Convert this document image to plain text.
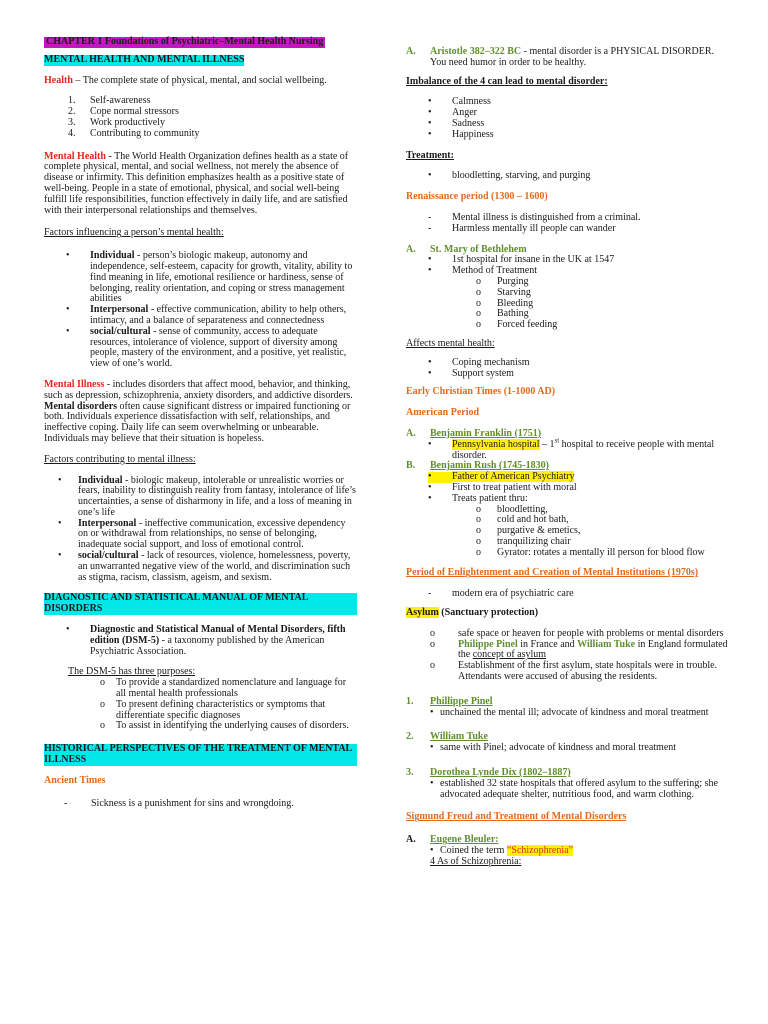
CHAPTER 1 Foundations of Psychiatric–Mental Health Nursing

MENTAL HEALTH AND MENTAL ILLNESS

Health – The complete state of physical, mental, and social wellbeing.

1.	Self-awareness
2.	Cope normal stressors
3.	Work productively
4.	Contributing to community

Mental Health - The World Health Organization defines health as a state of complete physical, mental, and social wellness, not merely the absence of disease or infirmity. This definition emphasizes health as a positive state of well-being. People in a state of emotional, physical, and social well-being fulfill life responsibilities, function effectively in daily life, and are satisfied with their interpersonal relationships and themselves.

Factors influencing a person’s mental health:

•	Individual - person’s biologic makeup, autonomy and independence, self-esteem, capacity for growth, vitality, ability to find meaning in life, emotional resilience or hardiness, sense of belonging, reality orientation, and coping or stress management abilities
•	Interpersonal - effective communication, ability to help others, intimacy, and a balance of separateness and connectedness
•	social/cultural - sense of community, access to adequate resources, intolerance of violence, support of diversity among people, mastery of the environment, and a positive, yet realistic, view of one’s world.

Mental Illness - includes disorders that affect mood, behavior, and thinking, such as depression, schizophrenia, anxiety disorders, and addictive disorders. Mental disorders often cause significant distress or impaired functioning or both. Individuals experience dissatisfaction with self, relationships, and ineffective coping. Daily life can seem overwhelming or unbearable. Individuals may believe that their situation is hopeless.

Factors contributing to mental illness:

•	Individual - biologic makeup, intolerable or unrealistic worries or fears, inability to distinguish reality from fantasy, intolerance of life’s uncertainties, a sense of disharmony in life, and a loss of meaning in one’s life
•	Interpersonal - ineffective communication, excessive dependency on or withdrawal from relationships, no sense of belonging, inadequate social support, and loss of emotional control.
•	social/cultural - lack of resources, violence, homelessness, poverty, an unwarranted negative view of the world, and discrimination such as stigma, racism, classism, ageism, and sexism.

DIAGNOSTIC AND STATISTICAL MANUAL OF MENTAL DISORDERS

•	Diagnostic and Statistical Manual of Mental Disorders, fifth edition (DSM-5) - a taxonomy published by the American Psychiatric Association.

The DSM-5 has three purposes:

o	To provide a standardized nomenclature and language for all mental health professionals
o	To present defining characteristics or symptoms that differentiate specific diagnoses
o	To assist in identifying the underlying causes of disorders.

HISTORICAL PERSPECTIVES OF THE TREATMENT OF MENTAL ILLNESS

Ancient Times

-	Sickness is a punishment for sins and wrongdoing.
A.	Aristotle 382–322 BC - mental disorder is a PHYSICAL DISORDER. You need humor in order to be healthy.

Imbalance of the 4 can lead to mental disorder:

•	Calmness
•	Anger
•	Sadness
•	Happiness

Treatment:

•	bloodletting, starving, and purging

Renaissance period (1300 – 1600)

-	Mental illness is distinguished from a criminal.
-	Harmless mentally ill people can wander
A.	St. Mary of Bethlehem
•	1st hospital for insane in the UK at 1547
•	Method of Treatment
o	Purging
o	Starving
o	Bleeding
o	Bathing
o	Forced feeding

Affects mental health:

•	Coping mechanism
•	Support system

Early Christian Times (1-1000 AD)

American Period

A.	Benjamin Franklin (1751)
•	Pennsylvania hospital – 1st hospital to receive people with mental disorder.
B.	Benjamin Rush (1745-1830)
•	Father of American Psychiatry
•	First to treat patient with moral
•	Treats patient thru:
o	bloodletting,
o	cold and hot bath,
o	purgative & emetics,
o	tranquilizing chair
o	Gyrator: rotates a mentally ill person for blood flow

Period of Enlightenment and Creation of Mental Institutions (1970s)

-	modern era of psychiatric care

Asylum (Sanctuary protection)

o	safe space or heaven for people with problems or mental disorders
o	Philippe Pinel in France and William Tuke in England formulated the concept of asylum
o	Establishment of the first asylum, state hospitals were in trouble. Attendants were accused of abusing the residents.
1.	Phillippe Pinel
• unchained the mental ill; advocate of kindness and moral treatment
2.	William Tuke
• same with Pinel; advocate of kindness and moral treatment
3.	Dorothea Lynde Dix (1802–1887)
• established 32 state hospitals that offered asylum to the suffering; she advocated adequate shelter, nutritious food, and warm clothing.

Sigmund Freud and Treatment of Mental Disorders

A.	Eugene Bleuler:
• Coined the term “Schizophrenia”

4 As of Schizophrenia:
